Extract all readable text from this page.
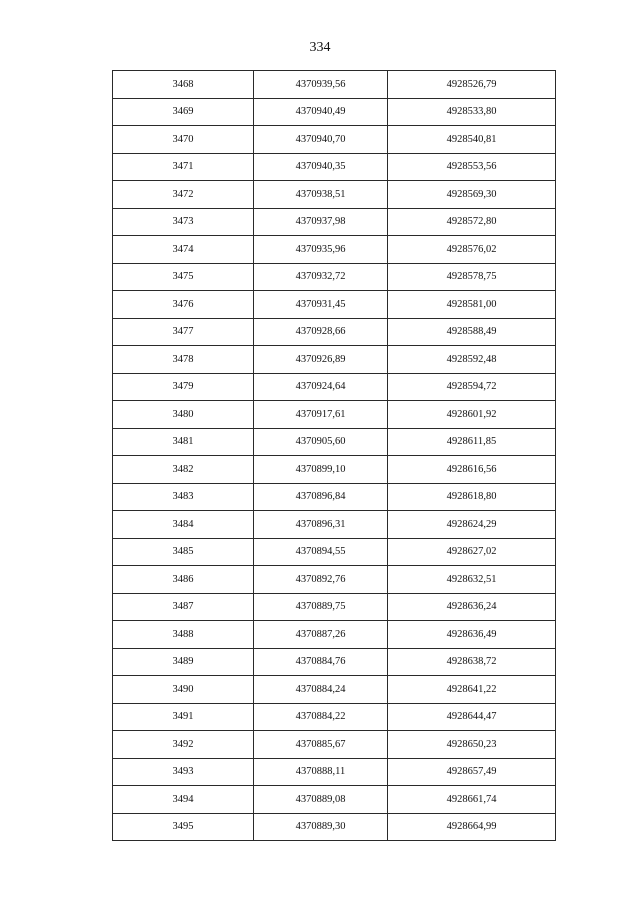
334
3468	4370939,56	4928526,79
3469	4370940,49	4928533,80
3470	4370940,70	4928540,81
3471	4370940,35	4928553,56
3472	4370938,51	4928569,30
3473	4370937,98	4928572,80
3474	4370935,96	4928576,02
3475	4370932,72	4928578,75
3476	4370931,45	4928581,00
3477	4370928,66	4928588,49
3478	4370926,89	4928592,48
3479	4370924,64	4928594,72
3480	4370917,61	4928601,92
3481	4370905,60	4928611,85
3482	4370899,10	4928616,56
3483	4370896,84	4928618,80
3484	4370896,31	4928624,29
3485	4370894,55	4928627,02
3486	4370892,76	4928632,51
3487	4370889,75	4928636,24
3488	4370887,26	4928636,49
3489	4370884,76	4928638,72
3490	4370884,24	4928641,22
3491	4370884,22	4928644,47
3492	4370885,67	4928650,23
3493	4370888,11	4928657,49
3494	4370889,08	4928661,74
3495	4370889,30	4928664,99
